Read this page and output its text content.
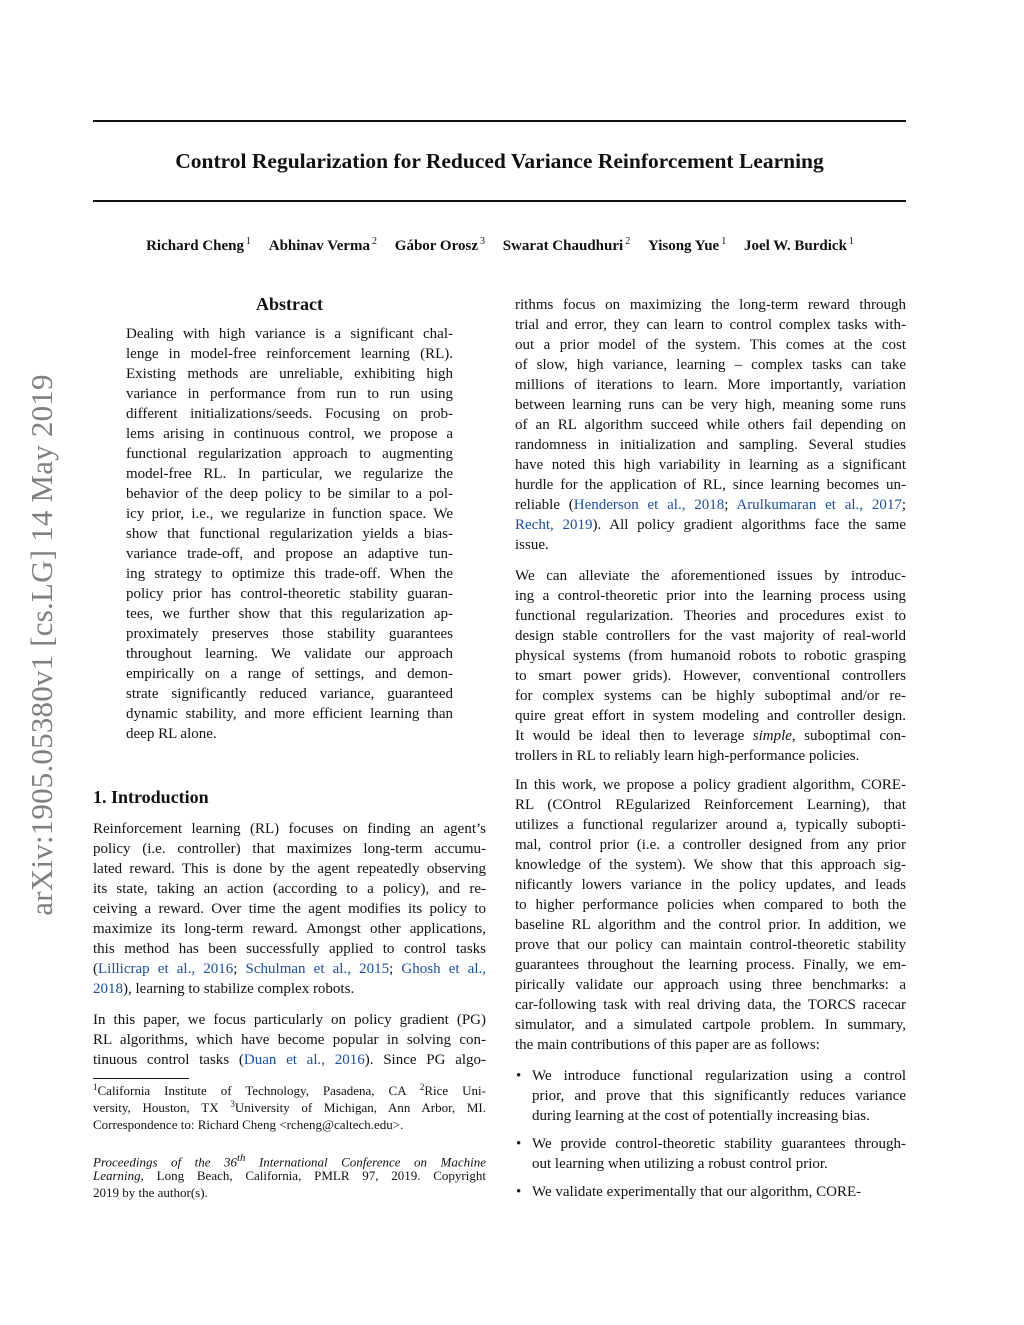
Control Regularization for Reduced Variance Reinforcement Learning
Richard Cheng $^1$ Abhinav Verma $^2$ Gábor Orosz $^3$ Swarat Chaudhuri $^2$ Yisong Yue $^1$ Joel W. Burdick $^1$
arXiv:1905.05380v1 [cs.LG] 14 May 2019
Abstract
Dealing with high variance is a significant chal-
lenge in model-free reinforcement learning (RL).
Existing methods are unreliable, exhibiting high
variance in performance from run to run using
different initializations/seeds. Focusing on prob-
lems arising in continuous control, we propose a
functional regularization approach to augmenting
model-free RL. In particular, we regularize the
behavior of the deep policy to be similar to a pol-
icy prior, i.e., we regularize in function space. We
show that functional regularization yields a bias-
variance trade-off, and propose an adaptive tun-
ing strategy to optimize this trade-off. When the
policy prior has control-theoretic stability guaran-
tees, we further show that this regularization ap-
proximately preserves those stability guarantees
throughout learning. We validate our approach
empirically on a range of settings, and demon-
strate significantly reduced variance, guaranteed
dynamic stability, and more efficient learning than
deep RL alone.
1. Introduction
Reinforcement learning (RL) focuses on finding an agent’s
policy (i.e. controller) that maximizes long-term accumu-
lated reward. This is done by the agent repeatedly observing
its state, taking an action (according to a policy), and re-
ceiving a reward. Over time the agent modifies its policy to
maximize its long-term reward. Amongst other applications,
this method has been successfully applied to control tasks
(Lillicrap et al., 2016; Schulman et al., 2015; Ghosh et al.,
2018), learning to stabilize complex robots.
In this paper, we focus particularly on policy gradient (PG)
RL algorithms, which have become popular in solving con-
tinuous control tasks (Duan et al., 2016). Since PG algo-
$^1$California Institute of Technology, Pasadena, CA $^2$Rice Uni-
versity, Houston, TX $^3$University of Michigan, Ann Arbor, MI.
Correspondence to: Richard Cheng <rcheng@caltech.edu>.
Proceedings of the 36th International Conference on Machine
Learning, Long Beach, California, PMLR 97, 2019. Copyright
2019 by the author(s).
rithms focus on maximizing the long-term reward through
trial and error, they can learn to control complex tasks with-
out a prior model of the system. This comes at the cost
of slow, high variance, learning – complex tasks can take
millions of iterations to learn. More importantly, variation
between learning runs can be very high, meaning some runs
of an RL algorithm succeed while others fail depending on
randomness in initialization and sampling. Several studies
have noted this high variability in learning as a significant
hurdle for the application of RL, since learning becomes un-
reliable (Henderson et al., 2018; Arulkumaran et al., 2017;
Recht, 2019). All policy gradient algorithms face the same
issue.
We can alleviate the aforementioned issues by introduc-
ing a control-theoretic prior into the learning process using
functional regularization. Theories and procedures exist to
design stable controllers for the vast majority of real-world
physical systems (from humanoid robots to robotic grasping
to smart power grids). However, conventional controllers
for complex systems can be highly suboptimal and/or re-
quire great effort in system modeling and controller design.
It would be ideal then to leverage simple, suboptimal con-
trollers in RL to reliably learn high-performance policies.
In this work, we propose a policy gradient algorithm, CORE-
RL (COntrol REgularized Reinforcement Learning), that
utilizes a functional regularizer around a, typically subopti-
mal, control prior (i.e. a controller designed from any prior
knowledge of the system). We show that this approach sig-
nificantly lowers variance in the policy updates, and leads
to higher performance policies when compared to both the
baseline RL algorithm and the control prior. In addition, we
prove that our policy can maintain control-theoretic stability
guarantees throughout the learning process. Finally, we em-
pirically validate our approach using three benchmarks: a
car-following task with real driving data, the TORCS racecar
simulator, and a simulated cartpole problem. In summary,
the main contributions of this paper are as follows:
• We introduce functional regularization using a control
prior, and prove that this significantly reduces variance
during learning at the cost of potentially increasing bias.
• We provide control-theoretic stability guarantees through-
out learning when utilizing a robust control prior.
• We validate experimentally that our algorithm, CORE-
